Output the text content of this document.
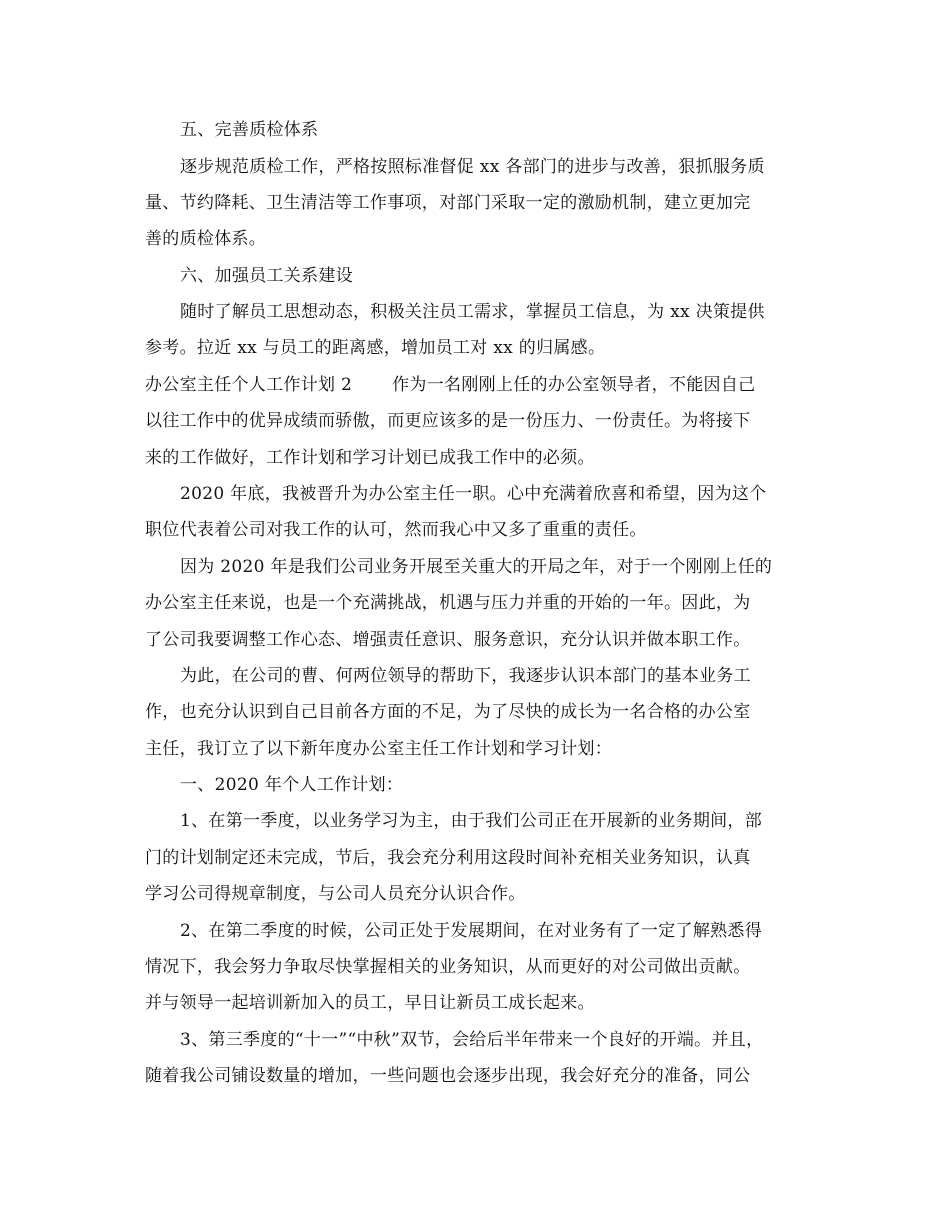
五、完善质检体系

逐步规范质检工作，严格按照标准督促 xx 各部门的进步与改善，狠抓服务质

量、节约降耗、卫生清洁等工作事项，对部门采取一定的激励机制，建立更加完

善的质检体系。

六、加强员工关系建设

随时了解员工思想动态，积极关注员工需求，掌握员工信息，为 xx 决策提供

参考。拉近 xx 与员工的距离感，增加员工对 xx 的归属感。

办公室主任个人工作计划 2 作为一名刚刚上任的办公室领导者，不能因自己

以往工作中的优异成绩而骄傲，而更应该多的是一份压力、一份责任。为将接下

来的工作做好，工作计划和学习计划已成我工作中的必须。

2020 年底，我被晋升为办公室主任一职。心中充满着欣喜和希望，因为这个

职位代表着公司对我工作的认可，然而我心中又多了重重的责任。

因为 2020 年是我们公司业务开展至关重大的开局之年，对于一个刚刚上任的

办公室主任来说，也是一个充满挑战，机遇与压力并重的开始的一年。因此，为

了公司我要调整工作心态、增强责任意识、服务意识，充分认识并做本职工作。

为此，在公司的曹、何两位领导的帮助下，我逐步认识本部门的基本业务工

作，也充分认识到自己目前各方面的不足，为了尽快的成长为一名合格的办公室

主任，我订立了以下新年度办公室主任工作计划和学习计划：

一、2020 年个人工作计划：

1、在第一季度，以业务学习为主，由于我们公司正在开展新的业务期间，部

门的计划制定还未完成，节后，我会充分利用这段时间补充相关业务知识，认真

学习公司得规章制度，与公司人员充分认识合作。

2、在第二季度的时候，公司正处于发展期间，在对业务有了一定了解熟悉得

情况下，我会努力争取尽快掌握相关的业务知识，从而更好的对公司做出贡献。

并与领导一起培训新加入的员工，早日让新员工成长起来。

3、第三季度的“十一”“中秋”双节，会给后半年带来一个良好的开端。并且，

随着我公司铺设数量的增加，一些问题也会逐步出现，我会好充分的准备，同公
